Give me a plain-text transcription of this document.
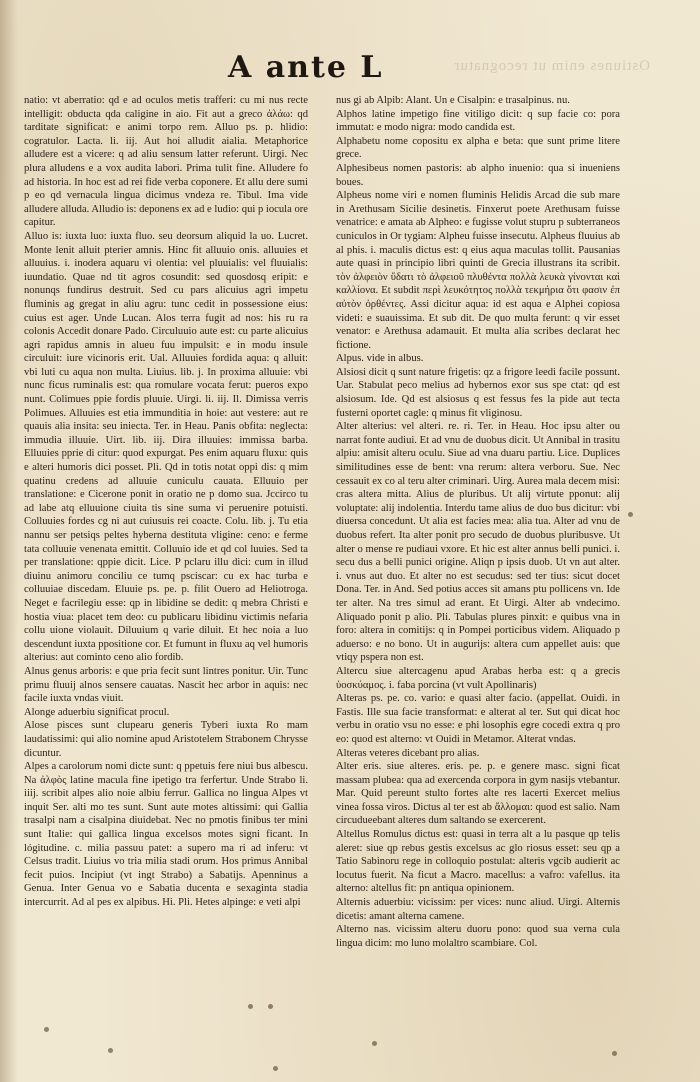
Ostiunes enim ut recognatur
A ante L

natio: vt aberratio: qd e ad oculos metis trafferi: cu mi nus recte intelligit: obducta qda caligine in aio. Fit aut a greco ἀλάω: qd tarditate significat: e animi torpo rem. Alluo ps. p. hlidio: cogratulor. Lacta. li. iij. Aut hoi alludit aialia. Metaphorice alludere est a vicere: q ad aliu sensum latter referunt. Uirgi. Nec plura alludens e a vox audita labori. Prima tulit fine. Alludere fo ad historia. In hoc est ad rei fide verba coponere. Et allu dere sumi p eo qd vernacula lingua dicimus vndeza re. Tibul. Ima vide alludere alluda. Alludio is: deponens ex ad e ludio: qui p iocula ore capitur.

Alluo is: iuxta luo: iuxta fluo. seu deorsum aliquid la uo. Lucret. Monte lenit alluit pterier amnis. Hinc fit alluuio onis. alluuies et alluuius. i. inodera aquaru vi olentia: vel pluuialis: vel fluuialis: iuundatio. Quae nd tit agros cosundit: sed quosdosq eripit: e nonunqs fundirus destruit. Sed cu pars alicuius agri impetu fluminis ag gregat in aliu agru: tunc cedit in possessione eius: cuius est ager. Unde Lucan. Alos terra fugit ad nos: his ru ra colonis Accedit donare Pado. Circuluuio aute est: cu parte alicuius agri rapidus amnis in alueu fuu impulsit: e in modu insule circuluit: iure vicinoris erit. Ual. Alluuies fordida aqua: q alluit: vbi luti cu aqua non multa. Liuius. lib. j. In proxima alluuie: vbi nunc ficus ruminalis est: qua romulare vocata ferut: pueros expo nunt. Colimues ppie fordis pluuie. Uirgi. li. iij. Il. Dimissa verris Polimues. Alluuies est etia immunditia in hoie: aut vestere: aut re quauis alia insita: seu iniecta. Ter. in Heau. Panis obfita: neglecta: immudia illuuie. Uirt. lib. iij. Dira illuuies: immissa barba. Elluuies pprie di citur: quod expurgat. Pes enim aquaru fluxu: quis e alteri humoris dici posset. Pli. Qd in totis notat oppi dis: q mim quatinu credens ad alluuie cuniculu cauata. Elluuio per translatione: e Cicerone ponit in oratio ne p domo sua. Jccirco tu ad labe atq elluuione ciuita tis sine suma vi peruenire potuisti. Colluuies fordes cg ni aut cuiusuis rei coacte. Colu. lib. j. Tu etia nannu ser petsiqs peltes hyberna destituta vligine: ceno: e ferme tata colluuie venenata emittit. Colluuio ide et qd col luuies. Sed ta per translatione: qppie dicit. Lice. P pclaru illu dici: cum in illud diuinu animoru conciliu ce tumq psciscar: cu ex hac turba e colluuiae discedam. Eluuie ps. pe. p. filit Ouero ad Heliotroga. Neget e facrilegiu esse: qp in libidine se dedit: q mebra Christi e hostia viua: placet tem deo: cu publicaru libidinu victimis nefaria collu uione violauit. Diluuium q varie diluit. Et hec noia a luo descendunt iuxta ppositione cor. Et fumunt in fluxu aq vel humoris alterius: aut cominto ceno alio fordib.

Alnus genus arboris: e que pria fecit sunt lintres ponitur. Uir. Tunc primu fluuij alnos sensere cauatas. Nascit hec arbor in aquis: nec facile iuxta vndas viuit.

Alonge aduerbiu significat procul.

Alose pisces sunt clupearu generis Tyberi iuxta Ro mam laudatissimi: qui alio nomine apud Aristotelem Strabonem Chrysse dicuntur.

Alpes a carolorum nomi dicte sunt: q ppetuis fere niui bus albescu. Na ἀλφὸς latine macula fine ipetigo tra ferfertur. Unde Strabo li. iiij. scribit alpes alio noie albiu ferrur. Gallica no lingua Alpes vt inquit Ser. alti mo tes sunt. Sunt aute motes altissimi: qui Gallia trasalpi nam a cisalpina diuidebat. Nec no pmotis finibus ter mini sunt Italie: qui gallica lingua excelsos motes signi ficant. In lógitudine. c. milia passuu patet: a supero ma ri ad inferu: vt Celsus tradit. Liuius vo tria milia stadi orum. Hos primus Annibal fecit puios. Incipiut (vt ingt Strabo) a Sabatijs. Apenninus a Genua. Inter Genua vo e Sabatia ducenta e sexaginta stadia intercurrit. Ad al pes ex alpibus. Hi. Pli. Hetes alpinge: e veti alpi

nus gi ab Alpib: Alant. Un e Cisalpin: e trasalpinus. nu.

Alphos latine impetigo fine vitiligo dicit: q sup facie co: pora immutat: e modo nigra: modo candida est.

Alphabetu nome copositu ex alpha e beta: que sunt prime litere grece.

Alphesibeus nomen pastoris: ab alpho inuenio: qua si inueniens boues.

Alpheus nome viri e nomen fluminis Helidis Arcad die sub mare in Arethusam Sicilie desinetis. Finxerut poete Arethusam fuisse venatrice: e amata ab Alpheo: e fugisse volut stupru p subterraneos cuniculos in Or tygiam: Alpheu fuisse insecutu. Alpheus fluuius ab al phis. i. maculis dictus est: q eius aqua maculas tollit. Pausanias aute quasi in principio libri quinti de Grecia illustrans ita scribit. τὸν ἀλφειὸν ὕδατι τὸ ἀλφειοῦ πλυθέντα πολλὰ λευκὰ γίνονται καὶ καλλίονα. Et subdit περὶ λευκότητος πολλὰ τεκμήρια ὅτι φασιν ἐπ αὐτὸν ὀρθέντες. Assi dicitur aqua: id est aqua e Alphei copiosa videti: e suauissima. Et sub dit. De quo multa ferunt: q vir esset venator: e Arethusa adamauit. Et multa alia scribes declarat hec fictione.

Alpus. vide in albus.

Alsiosi dicit q sunt nature frigetis: qz a frigore leedi facile possunt. Uar. Stabulat peco melius ad hybernos exor sus spe ctat: qd est alsiosum. Ide. Qd est alsiosus q est fessus fes la pide aut tecta fusterni oportet cagle: q minus fit vliginosu.

Alter alterius: vel alteri. re. ri. Ter. in Heau. Hoc ipsu alter ou narrat fonte audiui. Et ad vnu de duobus dicit. Ut Annibal in trasitu alpiu: amisit alteru oculu. Siue ad vna duaru partiu. Lice. Duplices similitudines esse de bent: vna rerum: altera verboru. Sue. Nec cessauit ex co al teru alter criminari. Uirg. Aurea mala decem misi: cras altera mitta. Alius de pluribus. Ut alij virtute pponut: alij voluptate: alij indolentia. Interdu tame alius de duo bus dicitur: vbi diuersa concedunt. Ut alia est facies mea: alia tua. Alter ad vnu de duobus refert. Ita alter ponit pro secudo de duobus pluribusve. Ut alter o mense re pudiaui vxore. Et hic est alter annus belli punici. i. secu dus a belli punici origine. Aliqn p ipsis duob. Ut vn aut alter. i. vnus aut duo. Et alter no est secudus: sed ter tius: sicut docet Dona. Ter. in And. Sed potius acces sit amans ptu pollicens vn. Ide ter alter. Na tres simul ad erant. Et Uirgi. Alter ab vndecimo. Aliquado ponit p alio. Pli. Tabulas plures pinxit: e quibus vna in foro: altera in comitijs: q in Pompei porticibus videm. Aliquado p aduerso: e no bono. Ut in augurijs: altera cum appellet auis: que vtiqy pspera non est.

Altercu siue altercagenu apud Arabas herba est: q a grecis ὑοσκύαμος. i. faba porcina (vt vult Apollinaris)

Alteras ps. pe. co. vario: e quasi alter facio. (appellat. Ouidi. in Fastis. Ille sua facie transformat: e alterat al ter. Sut qui dicat hoc verbu in oratio vsu no esse: e phi losophis egre cocedi extra q pro eo: quod est alterno: vt Ouidi in Metamor. Alterat vndas.

Alteras veteres dicebant pro alias.

Alter eris. siue alteres. eris. pe. p. e genere masc. signi ficat massam plubea: qua ad exercenda corpora in gym nasijs vtebantur. Mar. Quid pereunt stulto fortes alte res lacerti Exercet melius vinea fossa viros. Dictus al ter est ab ἄλλομαι: quod est salio. Nam circudueebant alteres dum saltando se exercerent.

Altellus Romulus dictus est: quasi in terra alt a lu pasque qp telis aleret: siue qp rebus gestis excelsus ac glo riosus esset: seu qp a Tatio Sabinoru rege in colloquio postulat: alteris vgcib audierit ac locutus fuerit. Na ficut a Macro. macellus: a vafro: vafellus. ita alterno: altellus fit: pn antiqua opinionem.

Alternis aduerbiu: vicissim: per vices: nunc aliud. Uirgi. Alternis dicetis: amant alterna camene.

Alterno nas. vicissim alteru duoru pono: quod sua verna cula lingua dicim: mo luno molaltro scambiare. Col.
